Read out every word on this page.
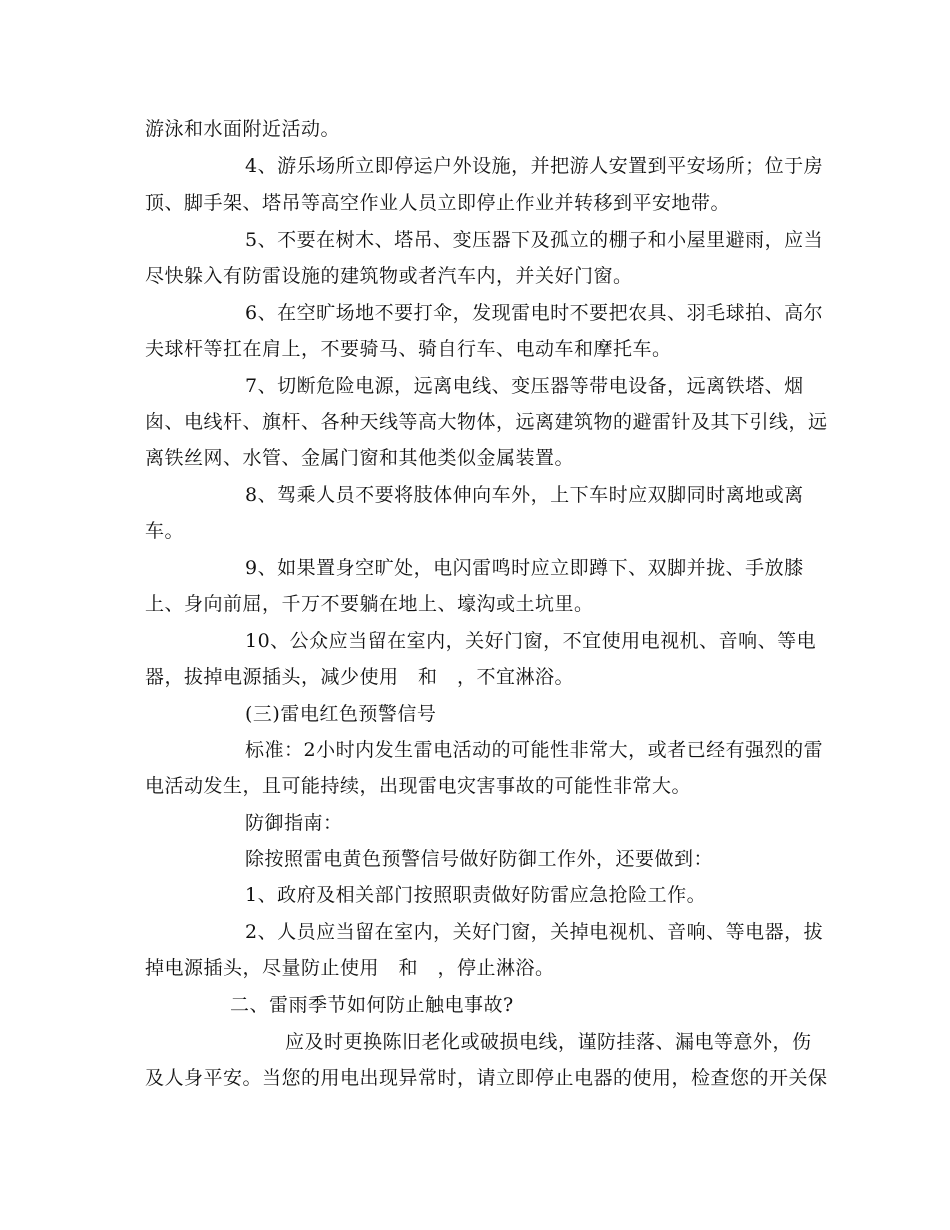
游泳和水面附近活动。
4、游乐场所立即停运户外设施，并把游人安置到平安场所；位于房
顶、脚手架、塔吊等高空作业人员立即停止作业并转移到平安地带。
5、不要在树木、塔吊、变压器下及孤立的棚子和小屋里避雨，应当
尽快躲入有防雷设施的建筑物或者汽车内，并关好门窗。
6、在空旷场地不要打伞，发现雷电时不要把农具、羽毛球拍、高尔
夫球杆等扛在肩上，不要骑马、骑自行车、电动车和摩托车。
7、切断危险电源，远离电线、变压器等带电设备，远离铁塔、烟
囱、电线杆、旗杆、各种天线等高大物体，远离建筑物的避雷针及其下引线，远
离铁丝网、水管、金属门窗和其他类似金属装置。
8、驾乘人员不要将肢体伸向车外，上下车时应双脚同时离地或离
车。
9、如果置身空旷处，电闪雷鸣时应立即蹲下、双脚并拢、手放膝
上、身向前屈，千万不要躺在地上、壕沟或土坑里。
10、公众应当留在室内，关好门窗，不宜使用电视机、音响、等电
器，拔掉电源插头，减少使用　和　，不宜淋浴。
(三)雷电红色预警信号
标准：2小时内发生雷电活动的可能性非常大，或者已经有强烈的雷
电活动发生，且可能持续，出现雷电灾害事故的可能性非常大。
防御指南：
除按照雷电黄色预警信号做好防御工作外，还要做到：
1、政府及相关部门按照职责做好防雷应急抢险工作。
2、人员应当留在室内，关好门窗，关掉电视机、音响、等电器，拔
掉电源插头，尽量防止使用　和　，停止淋浴。
二、雷雨季节如何防止触电事故?
应及时更换陈旧老化或破损电线，谨防挂落、漏电等意外，伤
及人身平安。当您的用电出现异常时，请立即停止电器的使用，检查您的开关保
